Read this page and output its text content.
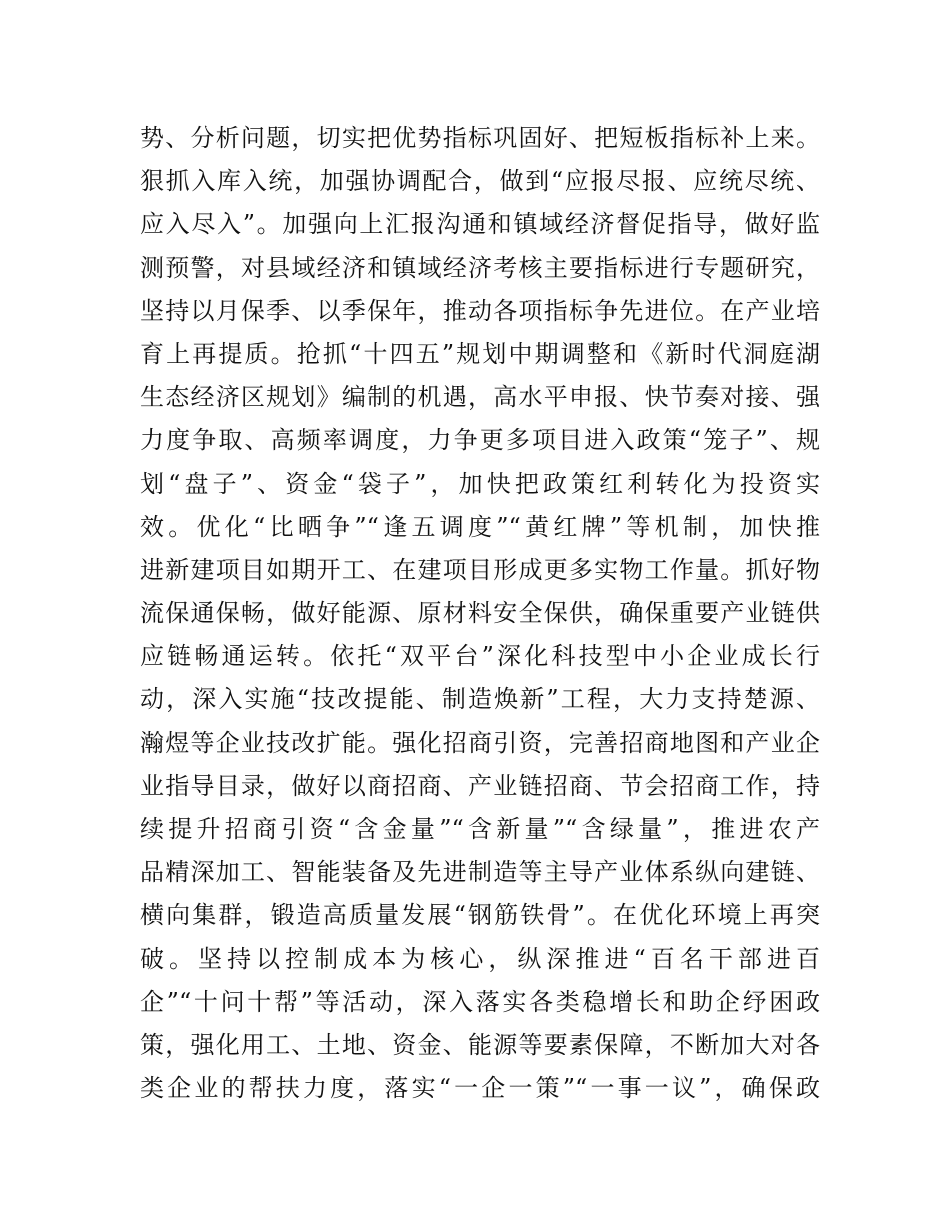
势、分析问题，切实把优势指标巩固好、把短板指标补上来。
狠抓入库入统，加强协调配合，做到“应报尽报、应统尽统、
应入尽入”。加强向上汇报沟通和镇域经济督促指导，做好监
测预警，对县域经济和镇域经济考核主要指标进行专题研究，
坚持以月保季、以季保年，推动各项指标争先进位。在产业培
育上再提质。抢抓“十四五”规划中期调整和《新时代洞庭湖
生态经济区规划》编制的机遇，高水平申报、快节奏对接、强
力度争取、高频率调度，力争更多项目进入政策“笼子”、规
划“盘子”、资金“袋子”，加快把政策红利转化为投资实
效。优化“比晒争”“逢五调度”“黄红牌”等机制，加快推
进新建项目如期开工、在建项目形成更多实物工作量。抓好物
流保通保畅，做好能源、原材料安全保供，确保重要产业链供
应链畅通运转。依托“双平台”深化科技型中小企业成长行
动，深入实施“技改提能、制造焕新”工程，大力支持楚源、
瀚煜等企业技改扩能。强化招商引资，完善招商地图和产业企
业指导目录，做好以商招商、产业链招商、节会招商工作，持
续提升招商引资“含金量”“含新量”“含绿量”，推进农产
品精深加工、智能装备及先进制造等主导产业体系纵向建链、
横向集群，锻造高质量发展“钢筋铁骨”。在优化环境上再突
破。坚持以控制成本为核心，纵深推进“百名干部进百
企”“十问十帮”等活动，深入落实各类稳增长和助企纾困政
策，强化用工、土地、资金、能源等要素保障，不断加大对各
类企业的帮扶力度，落实“一企一策”“一事一议”，确保政
